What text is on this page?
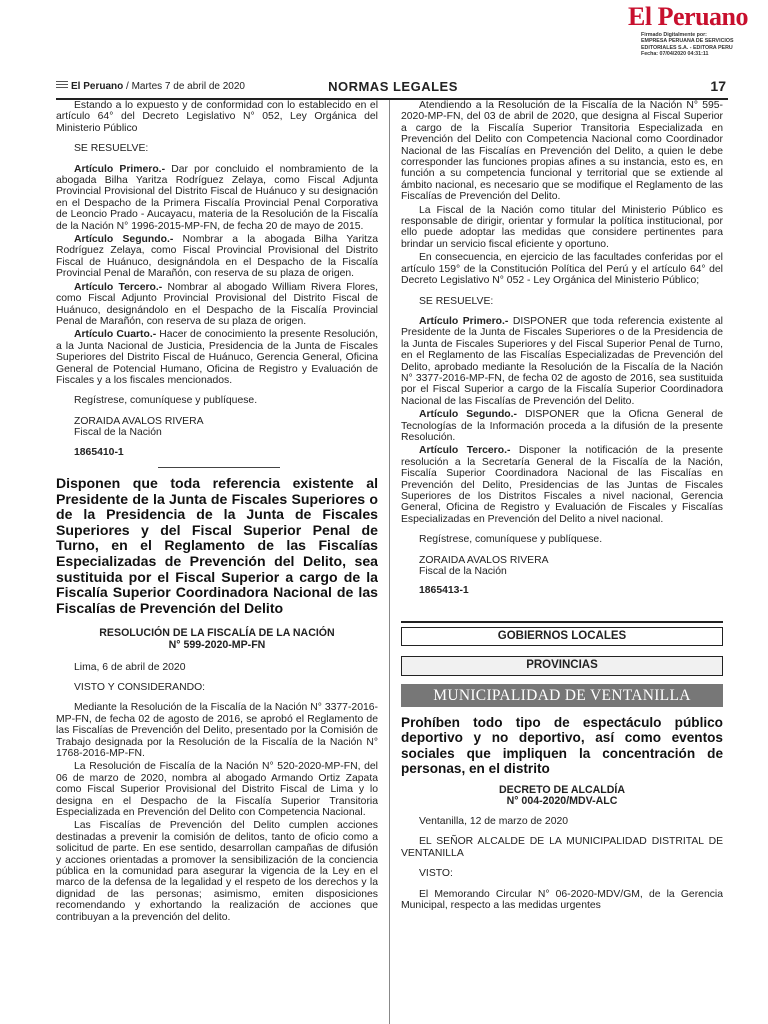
El Peruano
Firmado Digitalmente por:
EMPRESA PERUANA DE SERVICIOS
EDITORIALES S.A. - EDITORA PERU
Fecha: 07/04/2020 04:31:11
El Peruano / Martes 7 de abril de 2020	NORMAS LEGALES	17

Estando a lo expuesto y de conformidad con lo establecido en el artículo 64° del Decreto Legislativo N° 052, Ley Orgánica del Ministerio Público

SE RESUELVE:

Artículo Primero.- Dar por concluido el nombramiento de la abogada Bilha Yaritza Rodríguez Zelaya, como Fiscal Adjunta Provincial Provisional del Distrito Fiscal de Huánuco y su designación en el Despacho de la Primera Fiscalía Provincial Penal Corporativa de Leoncio Prado - Aucayacu, materia de la Resolución de la Fiscalía de la Nación N° 1996-2015-MP-FN, de fecha 20 de mayo de 2015.

Artículo Segundo.- Nombrar a la abogada Bilha Yaritza Rodríguez Zelaya, como Fiscal Provincial Provisional del Distrito Fiscal de Huánuco, designándola en el Despacho de la Fiscalía Provincial Penal de Marañón, con reserva de su plaza de origen.

Artículo Tercero.- Nombrar al abogado William Rivera Flores, como Fiscal Adjunto Provincial Provisional del Distrito Fiscal de Huánuco, designándolo en el Despacho de la Fiscalía Provincial Penal de Marañón, con reserva de su plaza de origen.

Artículo Cuarto.- Hacer de conocimiento la presente Resolución, a la Junta Nacional de Justicia, Presidencia de la Junta de Fiscales Superiores del Distrito Fiscal de Huánuco, Gerencia General, Oficina General de Potencial Humano, Oficina de Registro y Evaluación de Fiscales y a los fiscales mencionados.

Regístrese, comuníquese y publíquese.

ZORAIDA AVALOS RIVERA

Fiscal de la Nación

1865410-1

Disponen que toda referencia existente al Presidente de la Junta de Fiscales Superiores o de la Presidencia de la Junta de Fiscales Superiores y del Fiscal Superior Penal de Turno, en el Reglamento de las Fiscalías Especializadas de Prevención del Delito, sea sustituida por el Fiscal Superior a cargo de la Fiscalía Superior Coordinadora Nacional de las Fiscalías de Prevención del Delito

RESOLUCIÓN DE LA FISCALÍA DE LA NACIÓN
N° 599-2020-MP-FN

Lima, 6 de abril de 2020

VISTO Y CONSIDERANDO:

Mediante la Resolución de la Fiscalía de la Nación N° 3377-2016-MP-FN, de fecha 02 de agosto de 2016, se aprobó el Reglamento de las Fiscalías de Prevención del Delito, presentado por la Comisión de Trabajo designada por la Resolución de la Fiscalía de la Nación N° 1768-2016-MP-FN.

La Resolución de Fiscalía de la Nación N° 520-2020-MP-FN, del 06 de marzo de 2020, nombra al abogado Armando Ortiz Zapata como Fiscal Superior Provisional del Distrito Fiscal de Lima y lo designa en el Despacho de la Fiscalía Superior Transitoria Especializada en Prevención del Delito con Competencia Nacional.

Las Fiscalías de Prevención del Delito cumplen acciones destinadas a prevenir la comisión de delitos, tanto de oficio como a solicitud de parte. En ese sentido, desarrollan campañas de difusión y acciones orientadas a promover la sensibilización de la conciencia pública en la comunidad para asegurar la vigencia de la Ley en el marco de la defensa de la legalidad y el respeto de los derechos y la dignidad de las personas; asimismo, emiten disposiciones recomendando y exhortando la realización de acciones que contribuyan a la prevención del delito.

Atendiendo a la Resolución de la Fiscalía de la Nación N° 595-2020-MP-FN, del 03 de abril de 2020, que designa al Fiscal Superior a cargo de la Fiscalía Superior Transitoria Especializada en Prevención del Delito con Competencia Nacional como Coordinador Nacional de las Fiscalías en Prevención del Delito, a quien le debe corresponder las funciones propias afines a su instancia, esto es, en función a su competencia funcional y territorial que se extiende al ámbito nacional, es necesario que se modifique el Reglamento de las Fiscalías de Prevención del Delito.

La Fiscal de la Nación como titular del Ministerio Público es responsable de dirigir, orientar y formular la política institucional, por ello puede adoptar las medidas que considere pertinentes para brindar un servicio fiscal eficiente y oportuno.

En consecuencia, en ejercicio de las facultades conferidas por el artículo 159° de la Constitución Política del Perú y el artículo 64° del Decreto Legislativo N° 052 - Ley Orgánica del Ministerio Público;

SE RESUELVE:

Artículo Primero.- DISPONER que toda referencia existente al Presidente de la Junta de Fiscales Superiores o de la Presidencia de la Junta de Fiscales Superiores y del Fiscal Superior Penal de Turno, en el Reglamento de las Fiscalías Especializadas de Prevención del Delito, aprobado mediante la Resolución de la Fiscalía de la Nación N° 3377-2016-MP-FN, de fecha 02 de agosto de 2016, sea sustituida por el Fiscal Superior a cargo de la Fiscalía Superior Coordinadora Nacional de las Fiscalías de Prevención del Delito.

Artículo Segundo.- DISPONER que la Oficna General de Tecnologías de la Información proceda a la difusión de la presente Resolución.

Artículo Tercero.- Disponer la notificación de la presente resolución a la Secretaría General de la Fiscalía de la Nación, Fiscalía Superior Coordinadora Nacional de las Fiscalías en Prevención del Delito, Presidencias de las Juntas de Fiscales Superiores de los Distritos Fiscales a nivel nacional, Gerencia General, Oficina de Registro y Evaluación de Fiscales y Fiscalías Especializadas en Prevención del Delito a nivel nacional.

Regístrese, comuníquese y publíquese.

ZORAIDA AVALOS RIVERA

Fiscal de la Nación

1865413-1

GOBIERNOS LOCALES
PROVINCIAS
MUNICIPALIDAD DE VENTANILLA

Prohíben todo tipo de espectáculo público deportivo y no deportivo, así como eventos sociales que impliquen la concentración de personas, en el distrito

DECRETO DE ALCALDÍA
N° 004-2020/MDV-ALC

Ventanilla, 12 de marzo de 2020

EL SEÑOR ALCALDE DE LA MUNICIPALIDAD DISTRITAL DE VENTANILLA

VISTO:

El Memorando Circular N° 06-2020-MDV/GM, de la Gerencia Municipal, respecto a las medidas urgentes
